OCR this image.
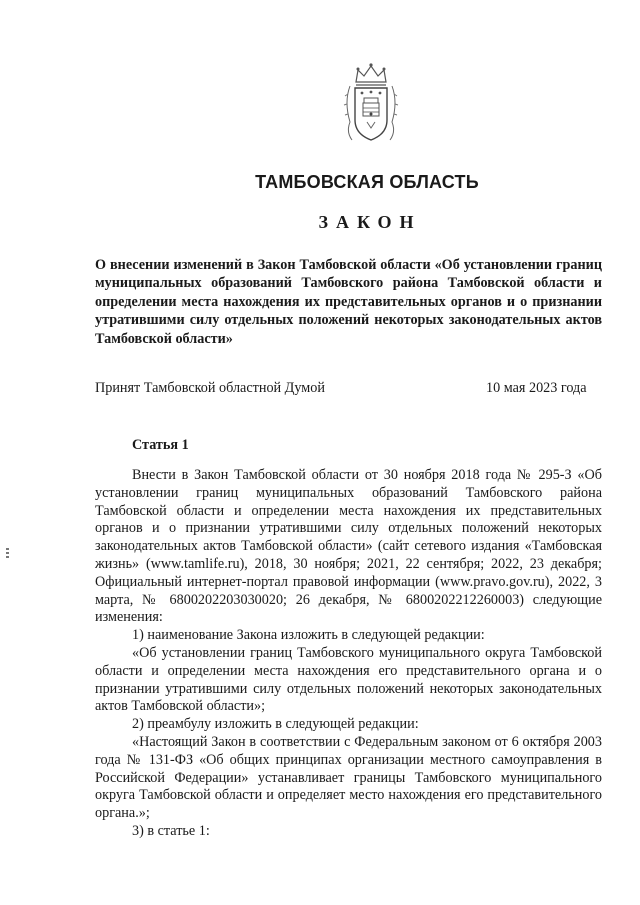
ТАМБОВСКАЯ ОБЛАСТЬ
ЗАКОН
О внесении изменений в Закон Тамбовской области «Об установлении границ муниципальных образований Тамбовского района Тамбовской области и определении места нахождения их представительных органов и о признании утратившими силу отдельных положений некоторых законодательных актов Тамбовской области»
Принят Тамбовской областной Думой	10 мая 2023 года
Статья 1

Внести в Закон Тамбовской области от 30 ноября 2018 года № 295-З «Об установлении границ муниципальных образований Тамбовского района Тамбовской области и определении места нахождения их представительных органов и о признании утратившими силу отдельных положений некоторых законодательных актов Тамбовской области» (сайт сетевого издания «Тамбовская жизнь» (www.tamlife.ru), 2018, 30 ноября; 2021, 22 сентября; 2022, 23 декабря; Официальный интернет-портал правовой информации (www.pravo.gov.ru), 2022, 3 марта, № 6800202203030020; 26 декабря, № 6800202212260003) следующие изменения:

1) наименование Закона изложить в следующей редакции:

«Об установлении границ Тамбовского муниципального округа Тамбовской области и определении места нахождения его представительного органа и о признании утратившими силу отдельных положений некоторых законодательных актов Тамбовской области»;

2) преамбулу изложить в следующей редакции:

«Настоящий Закон в соответствии с Федеральным законом от 6 октября 2003 года № 131-ФЗ «Об общих принципах организации местного самоуправления в Российской Федерации» устанавливает границы Тамбовского муниципального округа Тамбовской области и определяет место нахождения его представительного органа.»;

3) в статье 1:
